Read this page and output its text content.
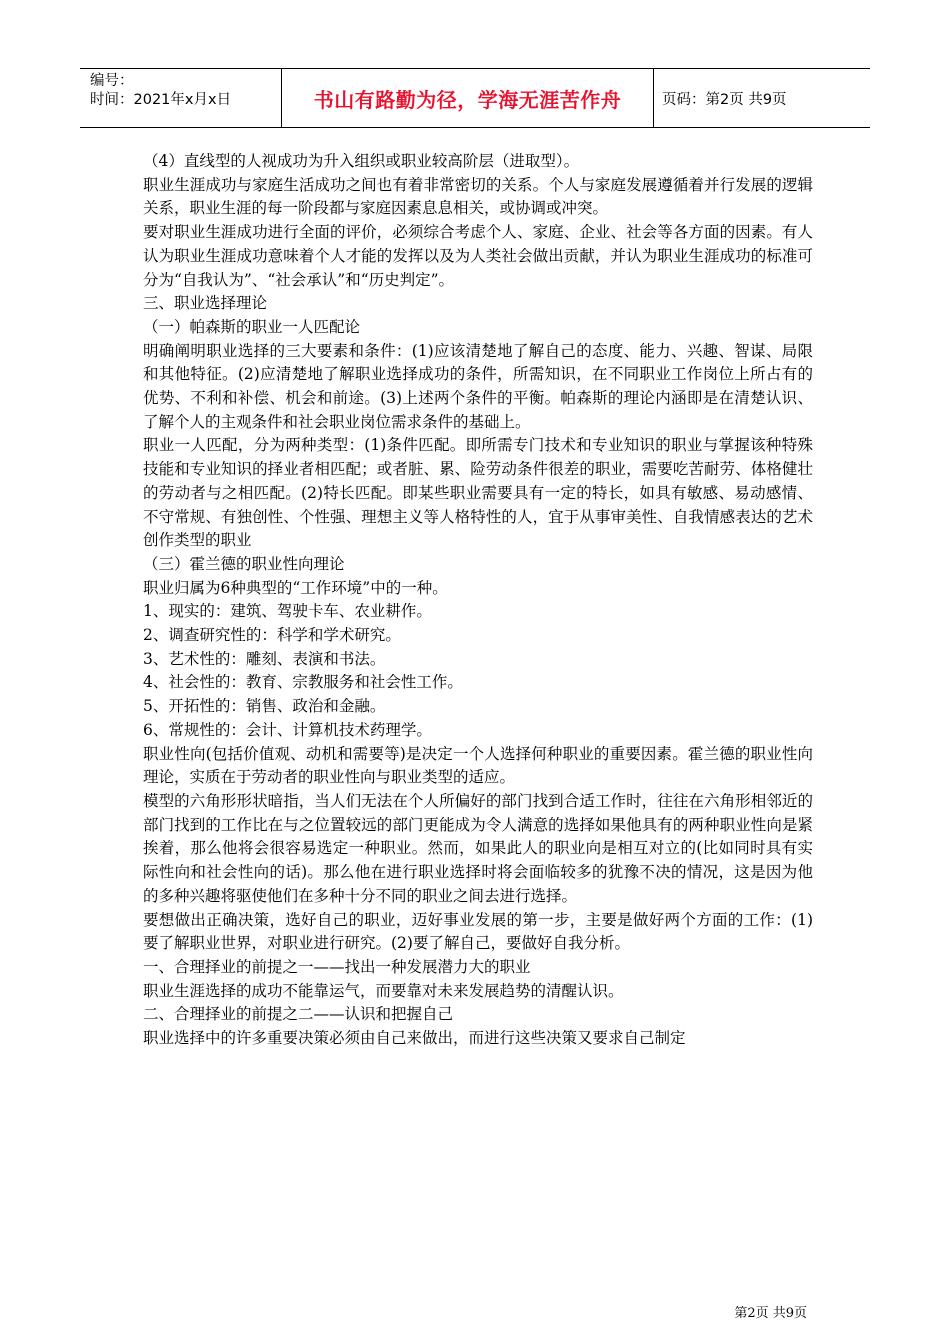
编号：
时间：2021年x月x日	书山有路勤为径，学海无涯苦作舟	页码：第2页 共9页

（4）直线型的人视成功为升入组织或职业较高阶层（进取型）。

职业生涯成功与家庭生活成功之间也有着非常密切的关系。个人与家庭发展遵循着并行发展的逻辑关系，职业生涯的每一阶段都与家庭因素息息相关，或协调或冲突。

要对职业生涯成功进行全面的评价，必须综合考虑个人、家庭、企业、社会等各方面的因素。有人认为职业生涯成功意味着个人才能的发挥以及为人类社会做出贡献，并认为职业生涯成功的标准可分为“自我认为”、“社会承认”和“历史判定”。

三、职业选择理论

（一）帕森斯的职业一人匹配论

明确阐明职业选择的三大要素和条件：(1)应该清楚地了解自己的态度、能力、兴趣、智谋、局限和其他特征。(2)应清楚地了解职业选择成功的条件，所需知识，在不同职业工作岗位上所占有的优势、不利和补偿、机会和前途。(3)上述两个条件的平衡。帕森斯的理论内涵即是在清楚认识、了解个人的主观条件和社会职业岗位需求条件的基础上。

职业一人匹配，分为两种类型：(1)条件匹配。即所需专门技术和专业知识的职业与掌握该种特殊技能和专业知识的择业者相匹配；或者脏、累、险劳动条件很差的职业，需要吃苦耐劳、体格健壮的劳动者与之相匹配。(2)特长匹配。即某些职业需要具有一定的特长，如具有敏感、易动感情、不守常规、有独创性、个性强、理想主义等人格特性的人，宜于从事审美性、自我情感表达的艺术创作类型的职业

（三）霍兰德的职业性向理论

职业归属为6种典型的“工作环境”中的一种。

1、现实的：建筑、驾驶卡车、农业耕作。

2、调查研究性的：科学和学术研究。

3、艺术性的：雕刻、表演和书法。

4、社会性的：教育、宗教服务和社会性工作。

5、开拓性的：销售、政治和金融。

6、常规性的：会计、计算机技术药理学。

职业性向(包括价值观、动机和需要等)是决定一个人选择何种职业的重要因素。霍兰德的职业性向理论，实质在于劳动者的职业性向与职业类型的适应。

模型的六角形形状暗指，当人们无法在个人所偏好的部门找到合适工作时，往往在六角形相邻近的部门找到的工作比在与之位置较远的部门更能成为令人满意的选择如果他具有的两种职业性向是紧挨着，那么他将会很容易选定一种职业。然而，如果此人的职业向是相互对立的(比如同时具有实际性向和社会性向的话)。那么他在进行职业选择时将会面临较多的犹豫不决的情况，这是因为他的多种兴趣将驱使他们在多种十分不同的职业之间去进行选择。

要想做出正确决策，选好自己的职业，迈好事业发展的第一步，主要是做好两个方面的工作：(1)要了解职业世界，对职业进行研究。(2)要了解自己，要做好自我分析。

一、合理择业的前提之一——找出一种发展潜力大的职业

职业生涯选择的成功不能靠运气，而要靠对未来发展趋势的清醒认识。

二、合理择业的前提之二——认识和把握自己

职业选择中的许多重要决策必须由自己来做出，而进行这些决策又要求自己制定

第2页 共9页
